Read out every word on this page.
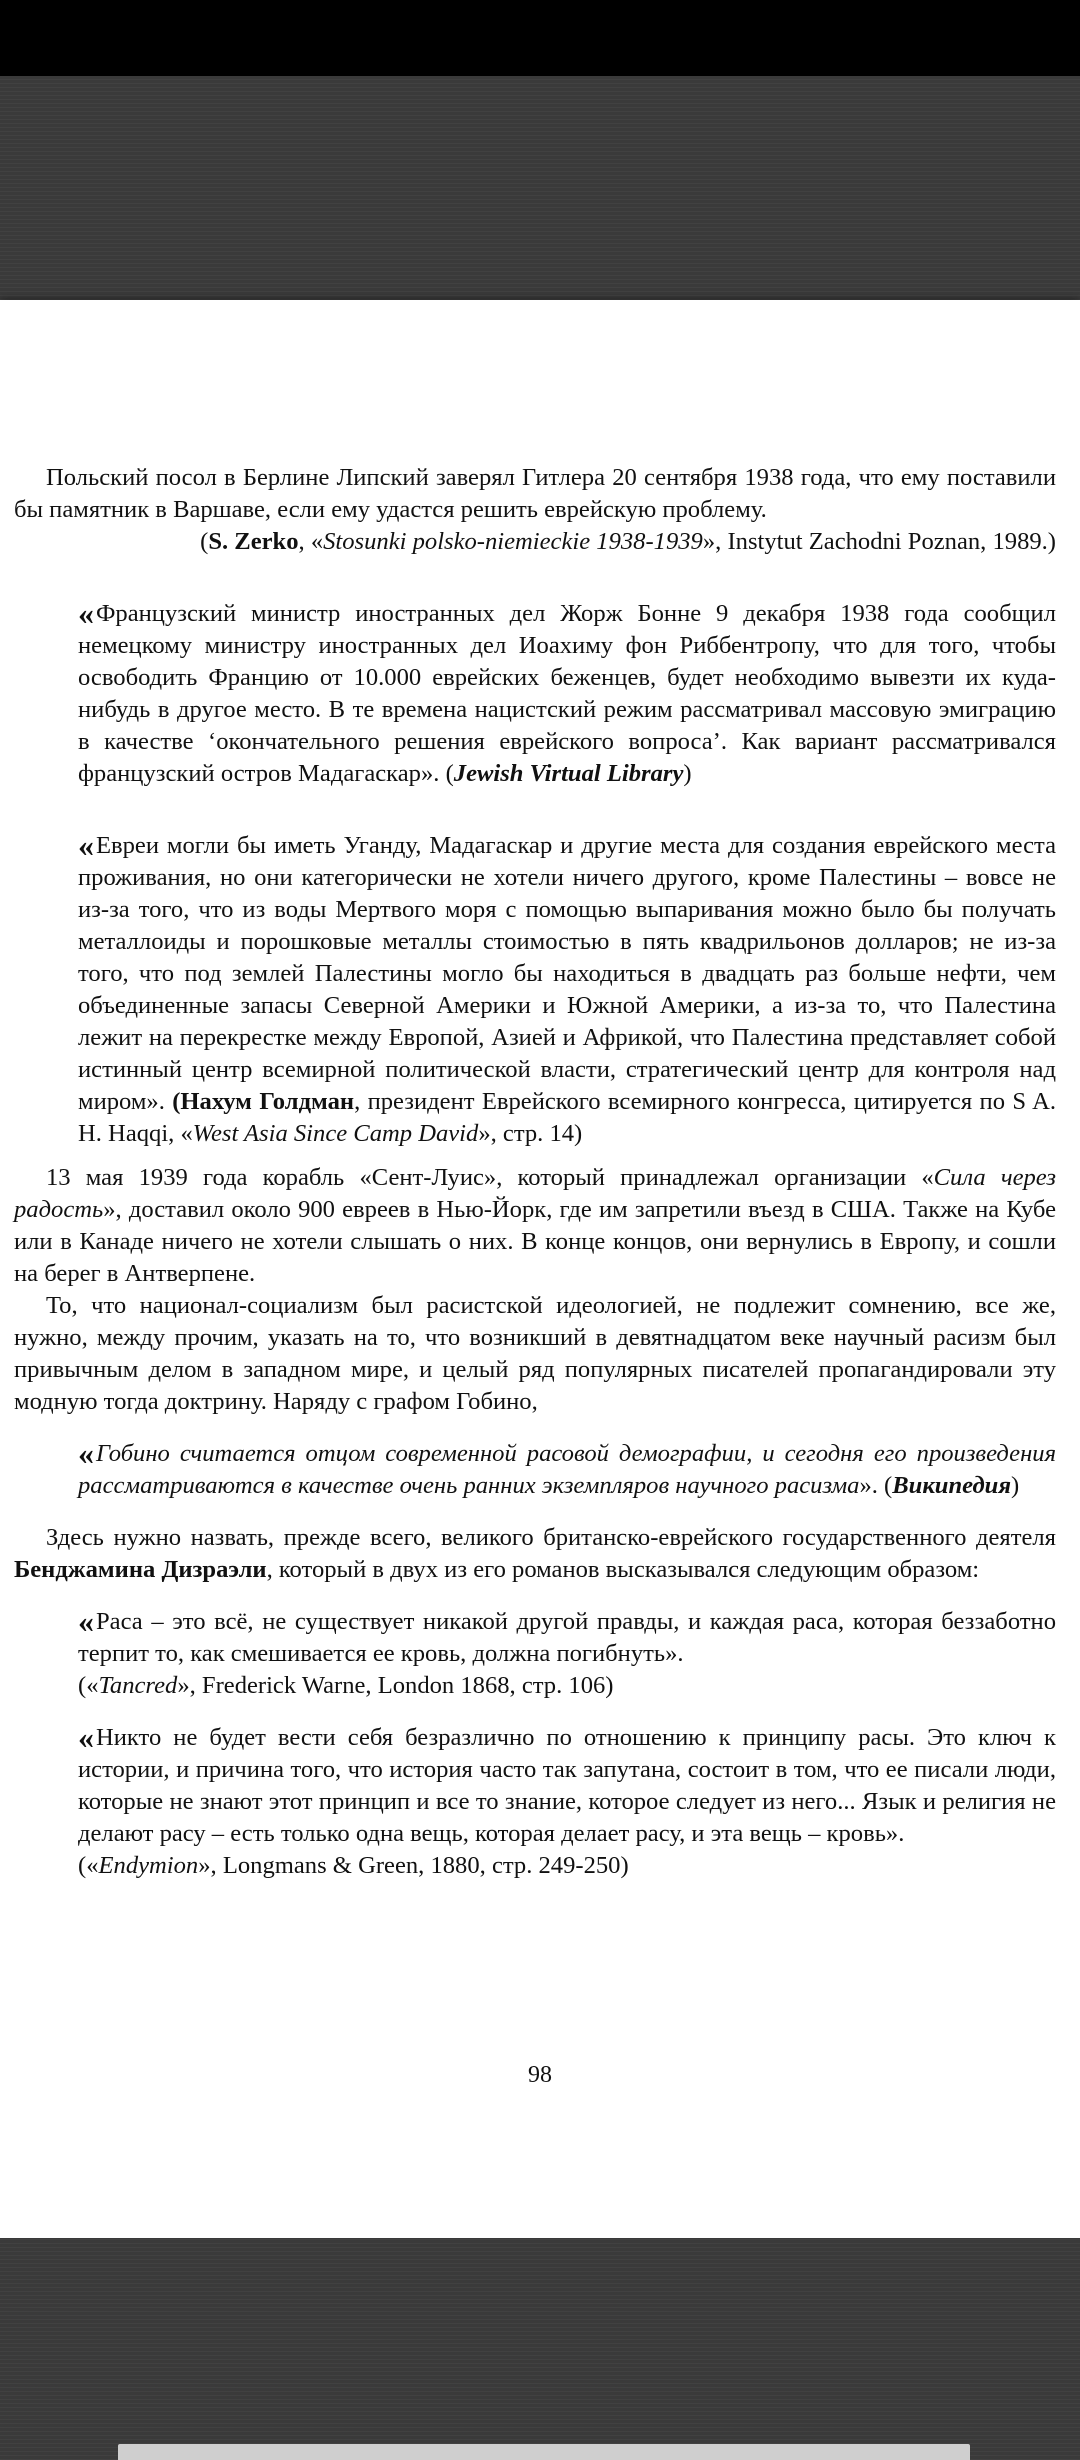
Польский посол в Берлине Липский заверял Гитлера 20 сентября 1938 года, что ему поставили бы памятник в Варшаве, если ему удастся решить еврейскую проблему.

(S. Zerko, «Stosunki polsko-niemieckie 1938-1939», Instytut Zachodni Poznan, 1989.)

«Французский министр иностранных дел Жорж Бонне 9 декабря 1938 года сообщил немецкому министру иностранных дел Иоахиму фон Риббентропу, что для того, чтобы освободить Францию от 10.000 еврейских беженцев, будет необходимо вывезти их куда-нибудь в другое место. В те времена нацистский режим рассматривал массовую эмиграцию в качестве ‘окончательного решения еврейского вопроса’. Как вариант рассматривался французский остров Мадагаскар». (Jewish Virtual Library)

«Евреи могли бы иметь Уганду, Мадагаскар и другие места для создания еврейского места проживания, но они категорически не хотели ничего другого, кроме Палестины – вовсе не из-за того, что из воды Мертвого моря с помощью выпаривания можно было бы получать металлоиды и порошковые металлы стоимостью в пять квадрильонов долларов; не из-за того, что под землей Палестины могло бы находиться в двадцать раз больше нефти, чем объединенные запасы Северной Америки и Южной Америки, а из-за то, что Палестина лежит на перекрестке между Европой, Азией и Африкой, что Палестина представляет собой истинный центр всемирной политической власти, стратегический центр для контроля над миром». (Нахум Голдман, президент Еврейского всемирного конгресса, цитируется по S A. H. Haqqi, «West Asia Since Camp David», стр. 14)

13 мая 1939 года корабль «Сент-Луис», который принадлежал организации «Сила через радость», доставил около 900 евреев в Нью-Йорк, где им запретили въезд в США. Также на Кубе или в Канаде ничего не хотели слышать о них. В конце концов, они вернулись в Европу, и сошли на берег в Антверпене.

То, что национал-социализм был расистской идеологией, не подлежит сомнению, все же, нужно, между прочим, указать на то, что возникший в девятнадцатом веке научный расизм был привычным делом в западном мире, и целый ряд популярных писателей пропагандировали эту модную тогда доктрину. Наряду с графом Гобино,

«Гобино считается отцом современной расовой демографии, и сегодня его произведения рассматриваются в качестве очень ранних экземпляров научного расизма». (Википедия)

Здесь нужно назвать, прежде всего, великого британско-еврейского государственного деятеля Бенджамина Дизраэли, который в двух из его романов высказывался следующим образом:

«Раса – это всё, не существует никакой другой правды, и каждая раса, которая беззаботно терпит то, как смешивается ее кровь, должна погибнуть».

(«Tancred», Frederick Warne, London 1868, стр. 106)

«Никто не будет вести себя безразлично по отношению к принципу расы. Это ключ к истории, и причина того, что история часто так запутана, состоит в том, что ее писали люди, которые не знают этот принцип и все то знание, которое следует из него... Язык и религия не делают расу – есть только одна вещь, которая делает расу, и эта вещь – кровь».

(«Endymion», Longmans & Green, 1880, стр. 249-250)

98
